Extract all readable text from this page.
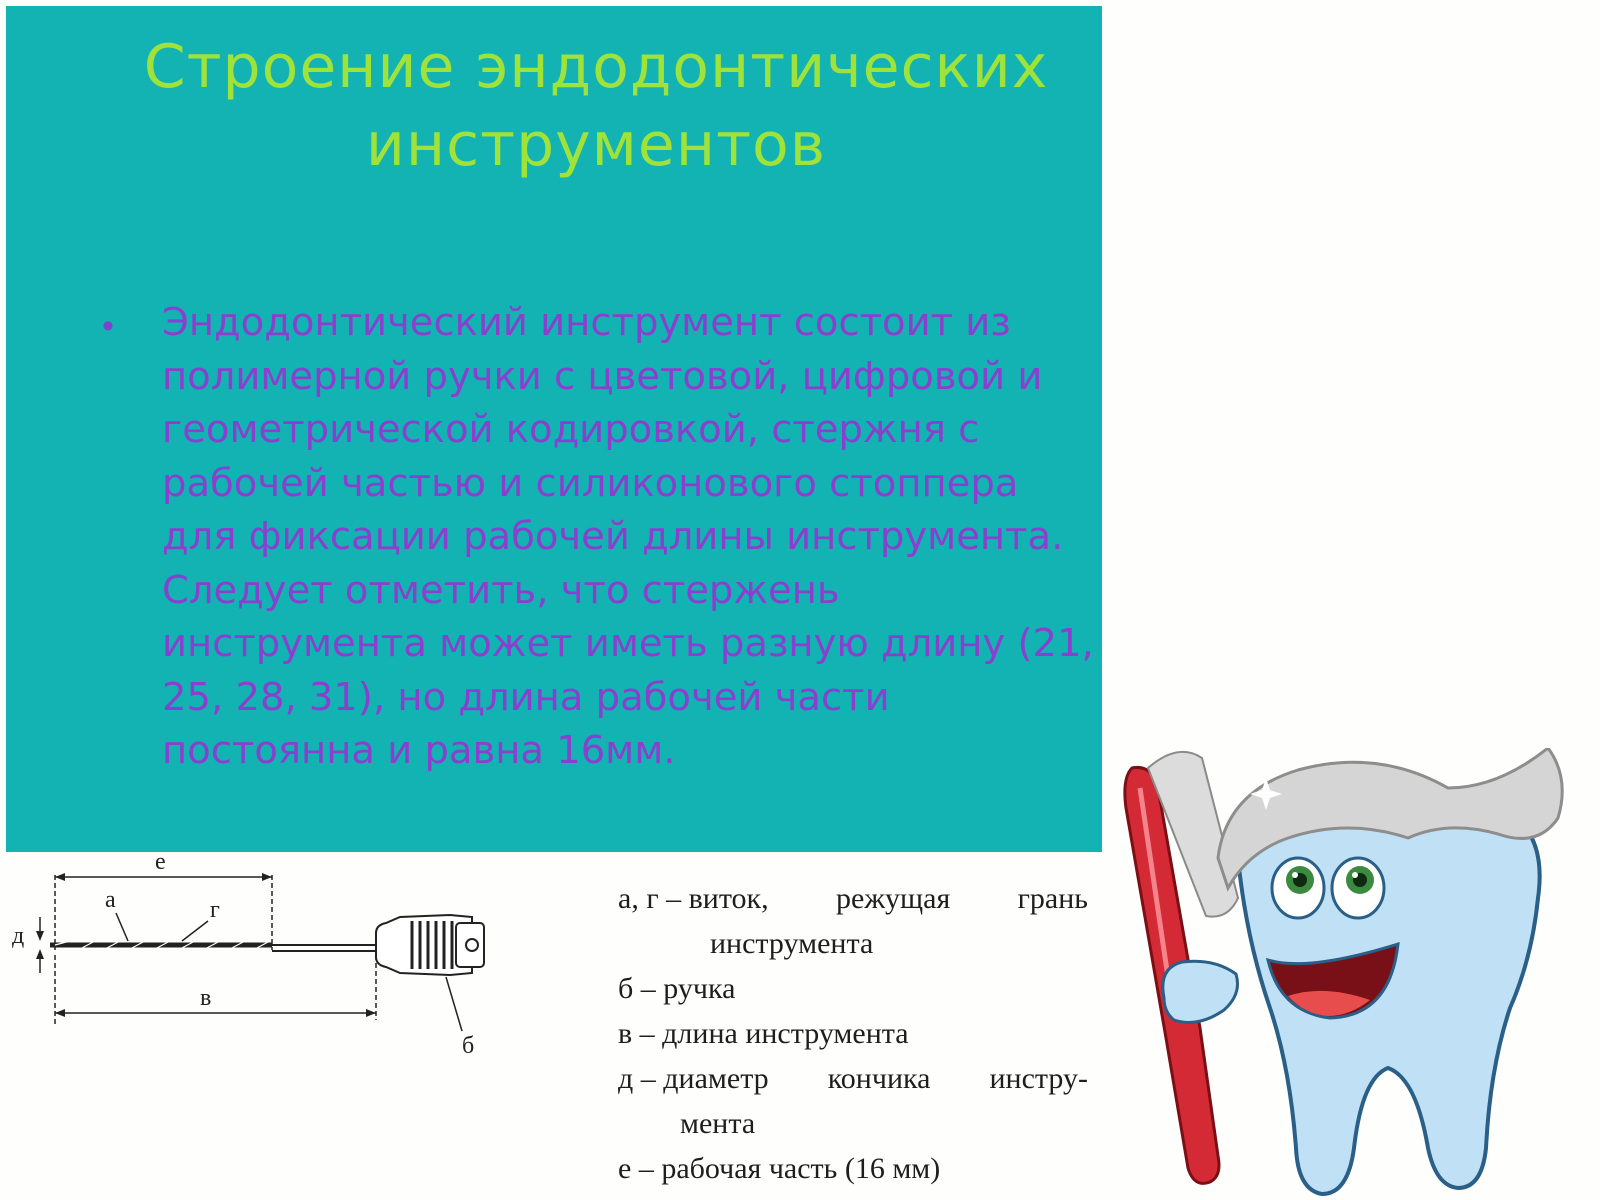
Строение эндодонтических
инструментов
• Эндодонтический инструмент состоит из полимерной ручки с цветовой, цифровой и геометрической кодировкой, стержня с рабочей частью и силиконового стоппера для фиксации рабочей длины инструмента. Следует отметить, что стержень инструмента может иметь разную длину (21, 25, 28, 31), но длина рабочей части постоянна и равна 16мм.
е
а	г
д
в
б
а, г – виток, режущая грань
инструмента
б – ручка
в – длина инструмента
д – диаметр кончика инстру-
мента
е – рабочая часть (16 мм)
